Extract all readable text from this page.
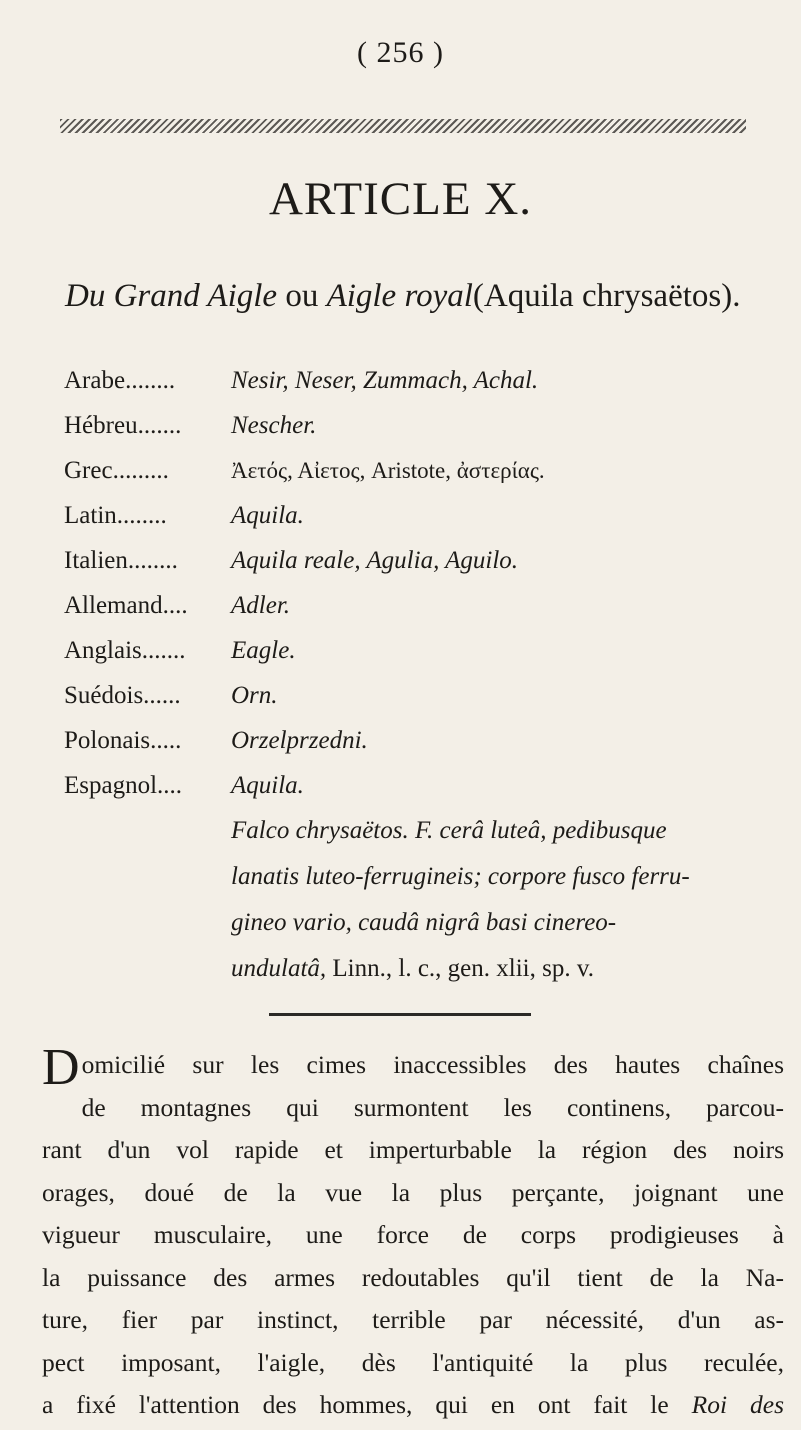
( 256 )
ARTICLE X.
Du Grand Aigle ou Aigle royal(Aquila chrysaëtos).
Arabe........ Nesir, Neser, Zummach, Achal.
Hébreu....... Nescher.
Grec.........	Ἀετός, Αἰετος, Aristote, ἀστερίας.
Latin........	Aquila.
Italien........ Aquila reale, Agulia, Aguilo.
Allemand.... Adler.
Anglais....... Eagle.
Suédois...... Orn.
Polonais..... Orzelprzedni.
Espagnol.... Aquila.
Falco chrysaëtos. F. cerâ luteâ, pedibusque
lanatis luteo-ferrugineis; corpore fusco ferru-
gineo vario, caudâ nigrâ basi cinereo-
undulatâ, Linn., l. c., gen. xlii, sp. v.
D omicilié sur les cimes inaccessibles des hautes chaînes
de montagnes qui surmontent les continens, parcou-
rant d'un vol rapide et imperturbable la région des noirs
orages, doué de la vue la plus perçante, joignant une
vigueur musculaire, une force de corps prodigieuses à
la puissance des armes redoutables qu'il tient de la Na-
ture, fier par instinct, terrible par nécessité, d'un as-
pect imposant, l'aigle, dès l'antiquité la plus reculée,
a fixé l'attention des hommes, qui en ont fait le Roi des
